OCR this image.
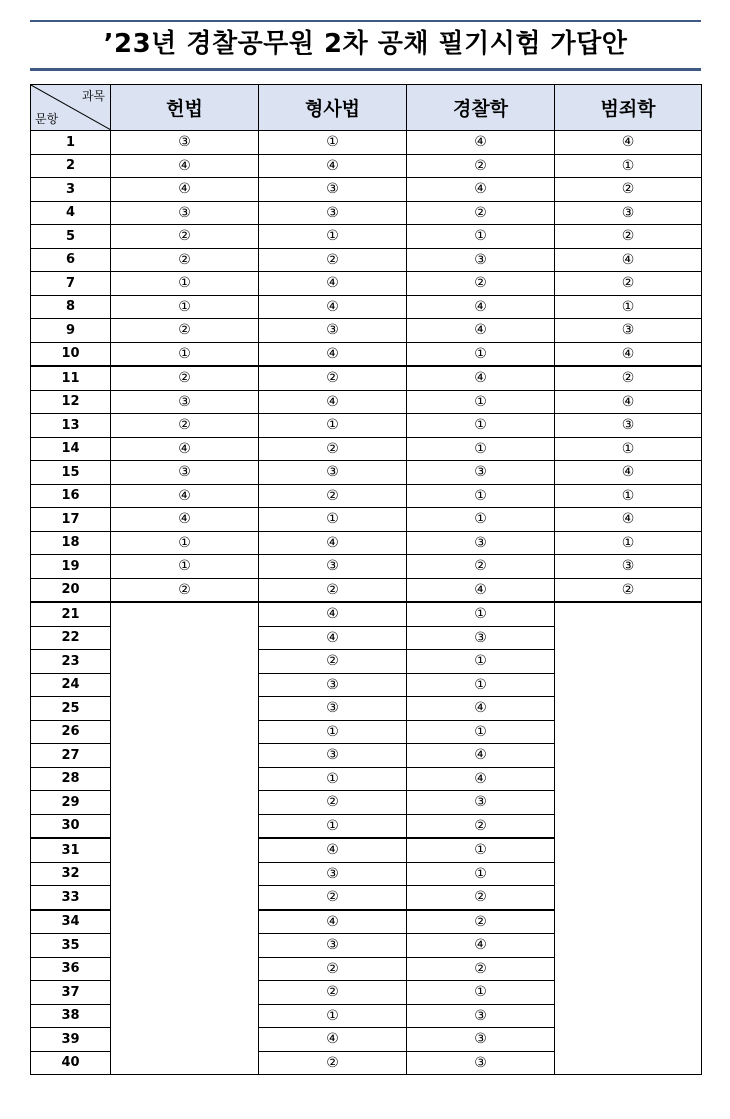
’23년 경찰공무원 2차 공채 필기시험 가답안
과목
문항	헌법	형사법	경찰학	범죄학
1	③	①	④	④
2	④	④	②	①
3	④	③	④	②
4	③	③	②	③
5	②	①	①	②
6	②	②	③	④
7	①	④	②	②
8	①	④	④	①
9	②	③	④	③
10	①	④	①	④
11	②	②	④	②
12	③	④	①	④
13	②	①	①	③
14	④	②	①	①
15	③	③	③	④
16	④	②	①	①
17	④	①	①	④
18	①	④	③	①
19	①	③	②	③
20	②	②	④	②
21		④	①	
22		④	③	
23		②	①	
24		③	①	
25		③	④	
26		①	①	
27		③	④	
28		①	④	
29		②	③	
30		①	②	
31		④	①	
32		③	①	
33		②	②	
34		④	②	
35		③	④	
36		②	②	
37		②	①	
38		①	③	
39		④	③	
40		②	③	
